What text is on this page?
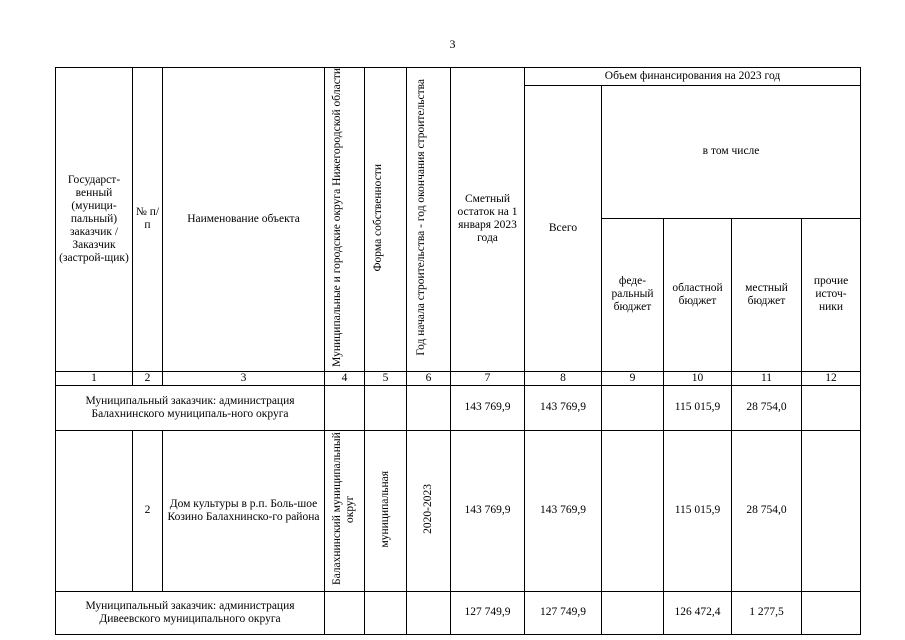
3
Государст-венный (муници-пальный) заказчик / Заказчик (застрой-щик)	№ п/п	Наименование объекта	Муниципальные и городские округа Нижегородской области	Форма собственности	Год начала строительства - год окончания строительства	Сметный остаток на 1 января 2023 года	Объем финансирования на 2023 год				
							Всего	в том числе			
								феде-ральный бюджет	областной бюджет	местный бюджет	прочие источ-ники
1	2	3	4	5	6	7	8	9	10	11	12
Муниципальный заказчик: администрация Балахнинского муниципаль-ного округа						143 769,9	143 769,9		115 015,9	28 754,0	
	2	Дом культуры в р.п. Боль-шое Козино Балахнинско-го района	Балахнинский муниципальный округ	муниципальная	2020-2023	143 769,9	143 769,9		115 015,9	28 754,0	
Муниципальный заказчик: администрация Дивеевского муниципального округа						127 749,9	127 749,9		126 472,4	1 277,5	
